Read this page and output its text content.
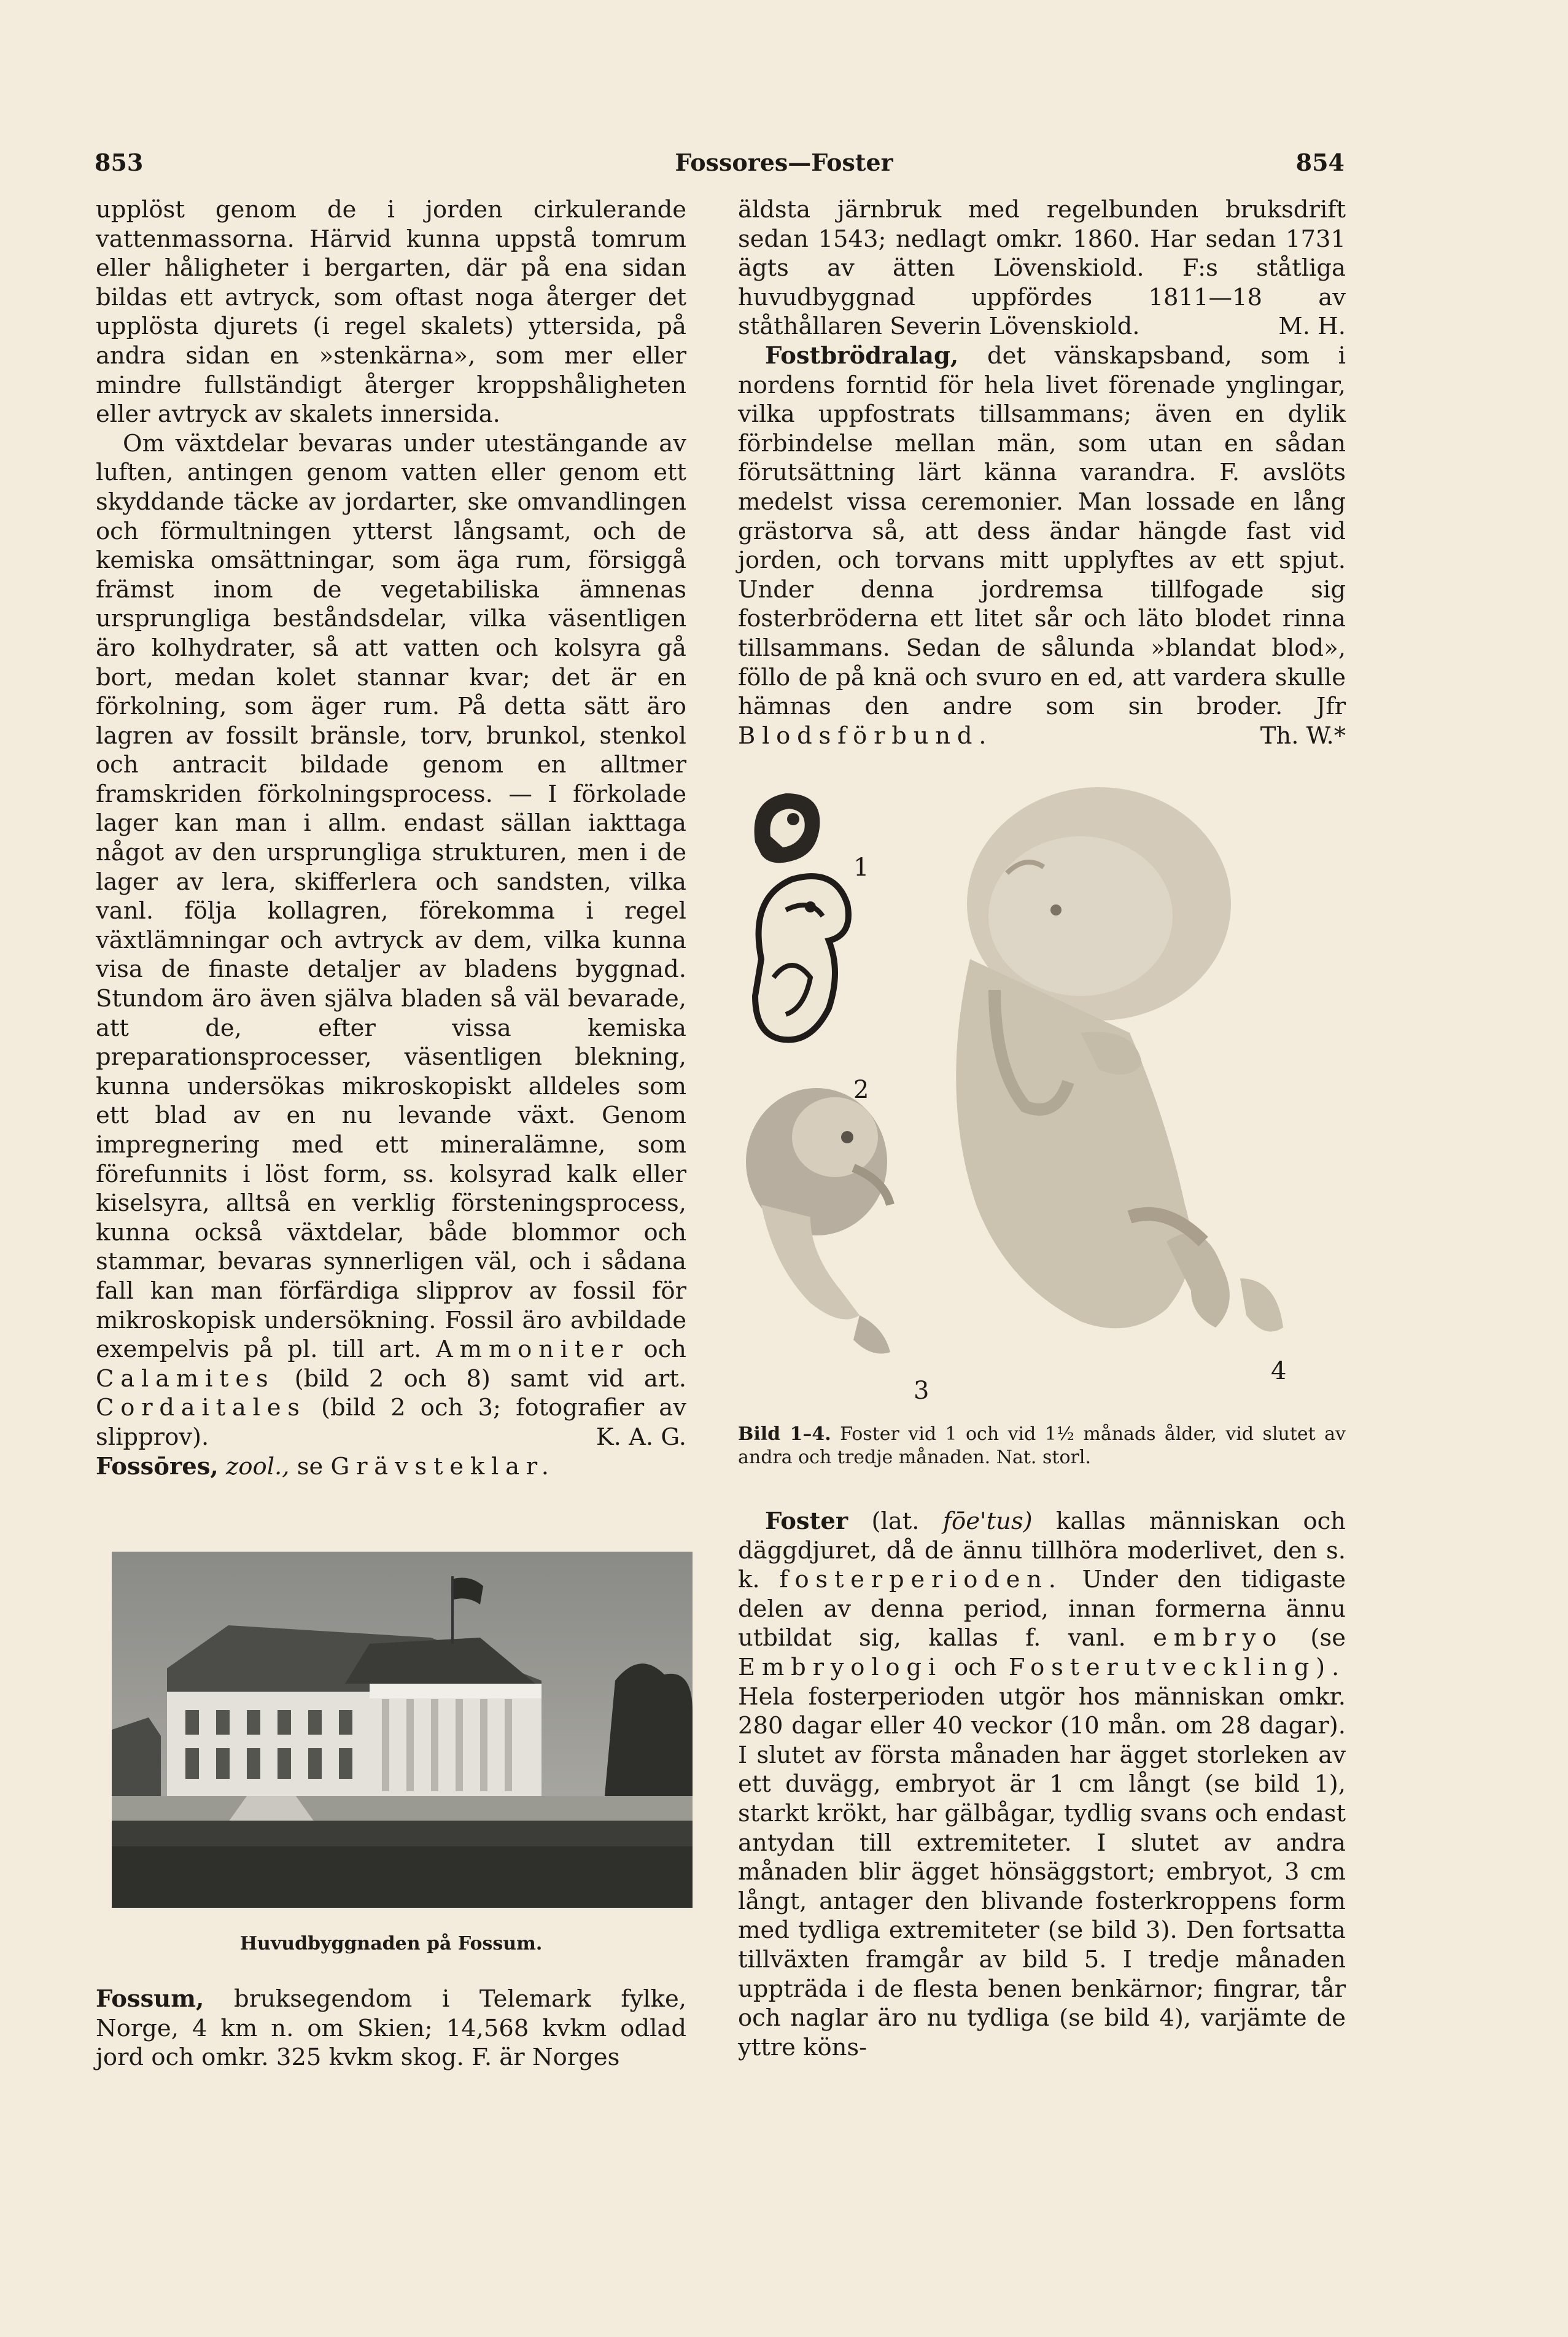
853	Fossores—Foster	854

upplöst genom de i jorden cirkulerande vattenmassorna. Härvid kunna uppstå tomrum eller håligheter i bergarten, där på ena sidan bildas ett avtryck, som oftast noga återger det upplösta djurets (i regel skalets) yttersida, på andra sidan en »stenkärna», som mer eller mindre fullständigt återger kroppshåligheten eller avtryck av skalets innersida.

Om växtdelar bevaras under utestängande av luften, antingen genom vatten eller genom ett skyddande täcke av jordarter, ske omvandlingen och förmultningen ytterst långsamt, och de kemiska omsättningar, som äga rum, försiggå främst inom de vegetabiliska ämnenas ursprungliga beståndsdelar, vilka väsentligen äro kolhydrater, så att vatten och kolsyra gå bort, medan kolet stannar kvar; det är en förkolning, som äger rum. På detta sätt äro lagren av fossilt bränsle, torv, brunkol, stenkol och antracit bildade genom en alltmer framskriden förkolningsprocess. — I förkolade lager kan man i allm. endast sällan iakttaga något av den ursprungliga strukturen, men i de lager av lera, skifferlera och sandsten, vilka vanl. följa kollagren, förekomma i regel växtlämningar och avtryck av dem, vilka kunna visa de finaste detaljer av bladens byggnad. Stundom äro även själva bladen så väl bevarade, att de, efter vissa kemiska preparationsprocesser, väsentligen blekning, kunna undersökas mikroskopiskt alldeles som ett blad av en nu levande växt. Genom impregnering med ett mineralämne, som förefunnits i löst form, ss. kolsyrad kalk eller kiselsyra, alltså en verklig försteningsprocess, kunna också växtdelar, både blommor och stammar, bevaras synnerligen väl, och i sådana fall kan man förfärdiga slipprov av fossil för mikroskopisk undersökning. Fossil äro avbildade exempelvis på pl. till art. Ammoniter och Calamites (bild 2 och 8) samt vid art. Cordaitales (bild 2 och 3; fotografier av slipprov).	K. A. G.

Fossōres, zool., se Grävsteklar.

Huvudbyggnaden på Fossum.

Fossum, bruksegendom i Telemark fylke, Norge, 4 km n. om Skien; 14,568 kvkm odlad jord och omkr. 325 kvkm skog. F. är Norges

äldsta järnbruk med regelbunden bruksdrift sedan 1543; nedlagt omkr. 1860. Har sedan 1731 ägts av ätten Lövenskiold. F:s ståtliga huvudbyggnad uppfördes 1811—18 av ståthållaren Severin Lövenskiold.	M. H.

Fostbrödralag, det vänskapsband, som i nordens forntid för hela livet förenade ynglingar, vilka uppfostrats tillsammans; även en dylik förbindelse mellan män, som utan en sådan förutsättning lärt känna varandra. F. avslöts medelst vissa ceremonier. Man lossade en lång grästorva så, att dess ändar hängde fast vid jorden, och torvans mitt upplyftes av ett spjut. Under denna jordremsa tillfogade sig fosterbröderna ett litet sår och läto blodet rinna tillsammans. Sedan de sålunda »blandat blod», föllo de på knä och svuro en ed, att vardera skulle hämnas den andre som sin broder. Jfr Blodsförbund.	Th. W.*

1
2
3
4
Bild 1–4. Foster vid 1 och vid 1½ månads ålder, vid slutet av andra och tredje månaden. Nat. storl.

Foster (lat. fōe'tus) kallas människan och däggdjuret, då de ännu tillhöra moderlivet, den s. k. fosterperioden. Under den tidigaste delen av denna period, innan formerna ännu utbildat sig, kallas f. vanl. embryo (se Embryologi och Fosterutveckling). Hela fosterperioden utgör hos människan omkr. 280 dagar eller 40 veckor (10 mån. om 28 dagar). I slutet av första månaden har ägget storleken av ett duvägg, embryot är 1 cm långt (se bild 1), starkt krökt, har gälbågar, tydlig svans och endast antydan till extremiteter. I slutet av andra månaden blir ägget hönsäggstort; embryot, 3 cm långt, antager den blivande fosterkroppens form med tydliga extremiteter (se bild 3). Den fortsatta tillväxten framgår av bild 5. I tredje månaden uppträda i de flesta benen benkärnor; fingrar, tår och naglar äro nu tydliga (se bild 4), varjämte de yttre köns-
